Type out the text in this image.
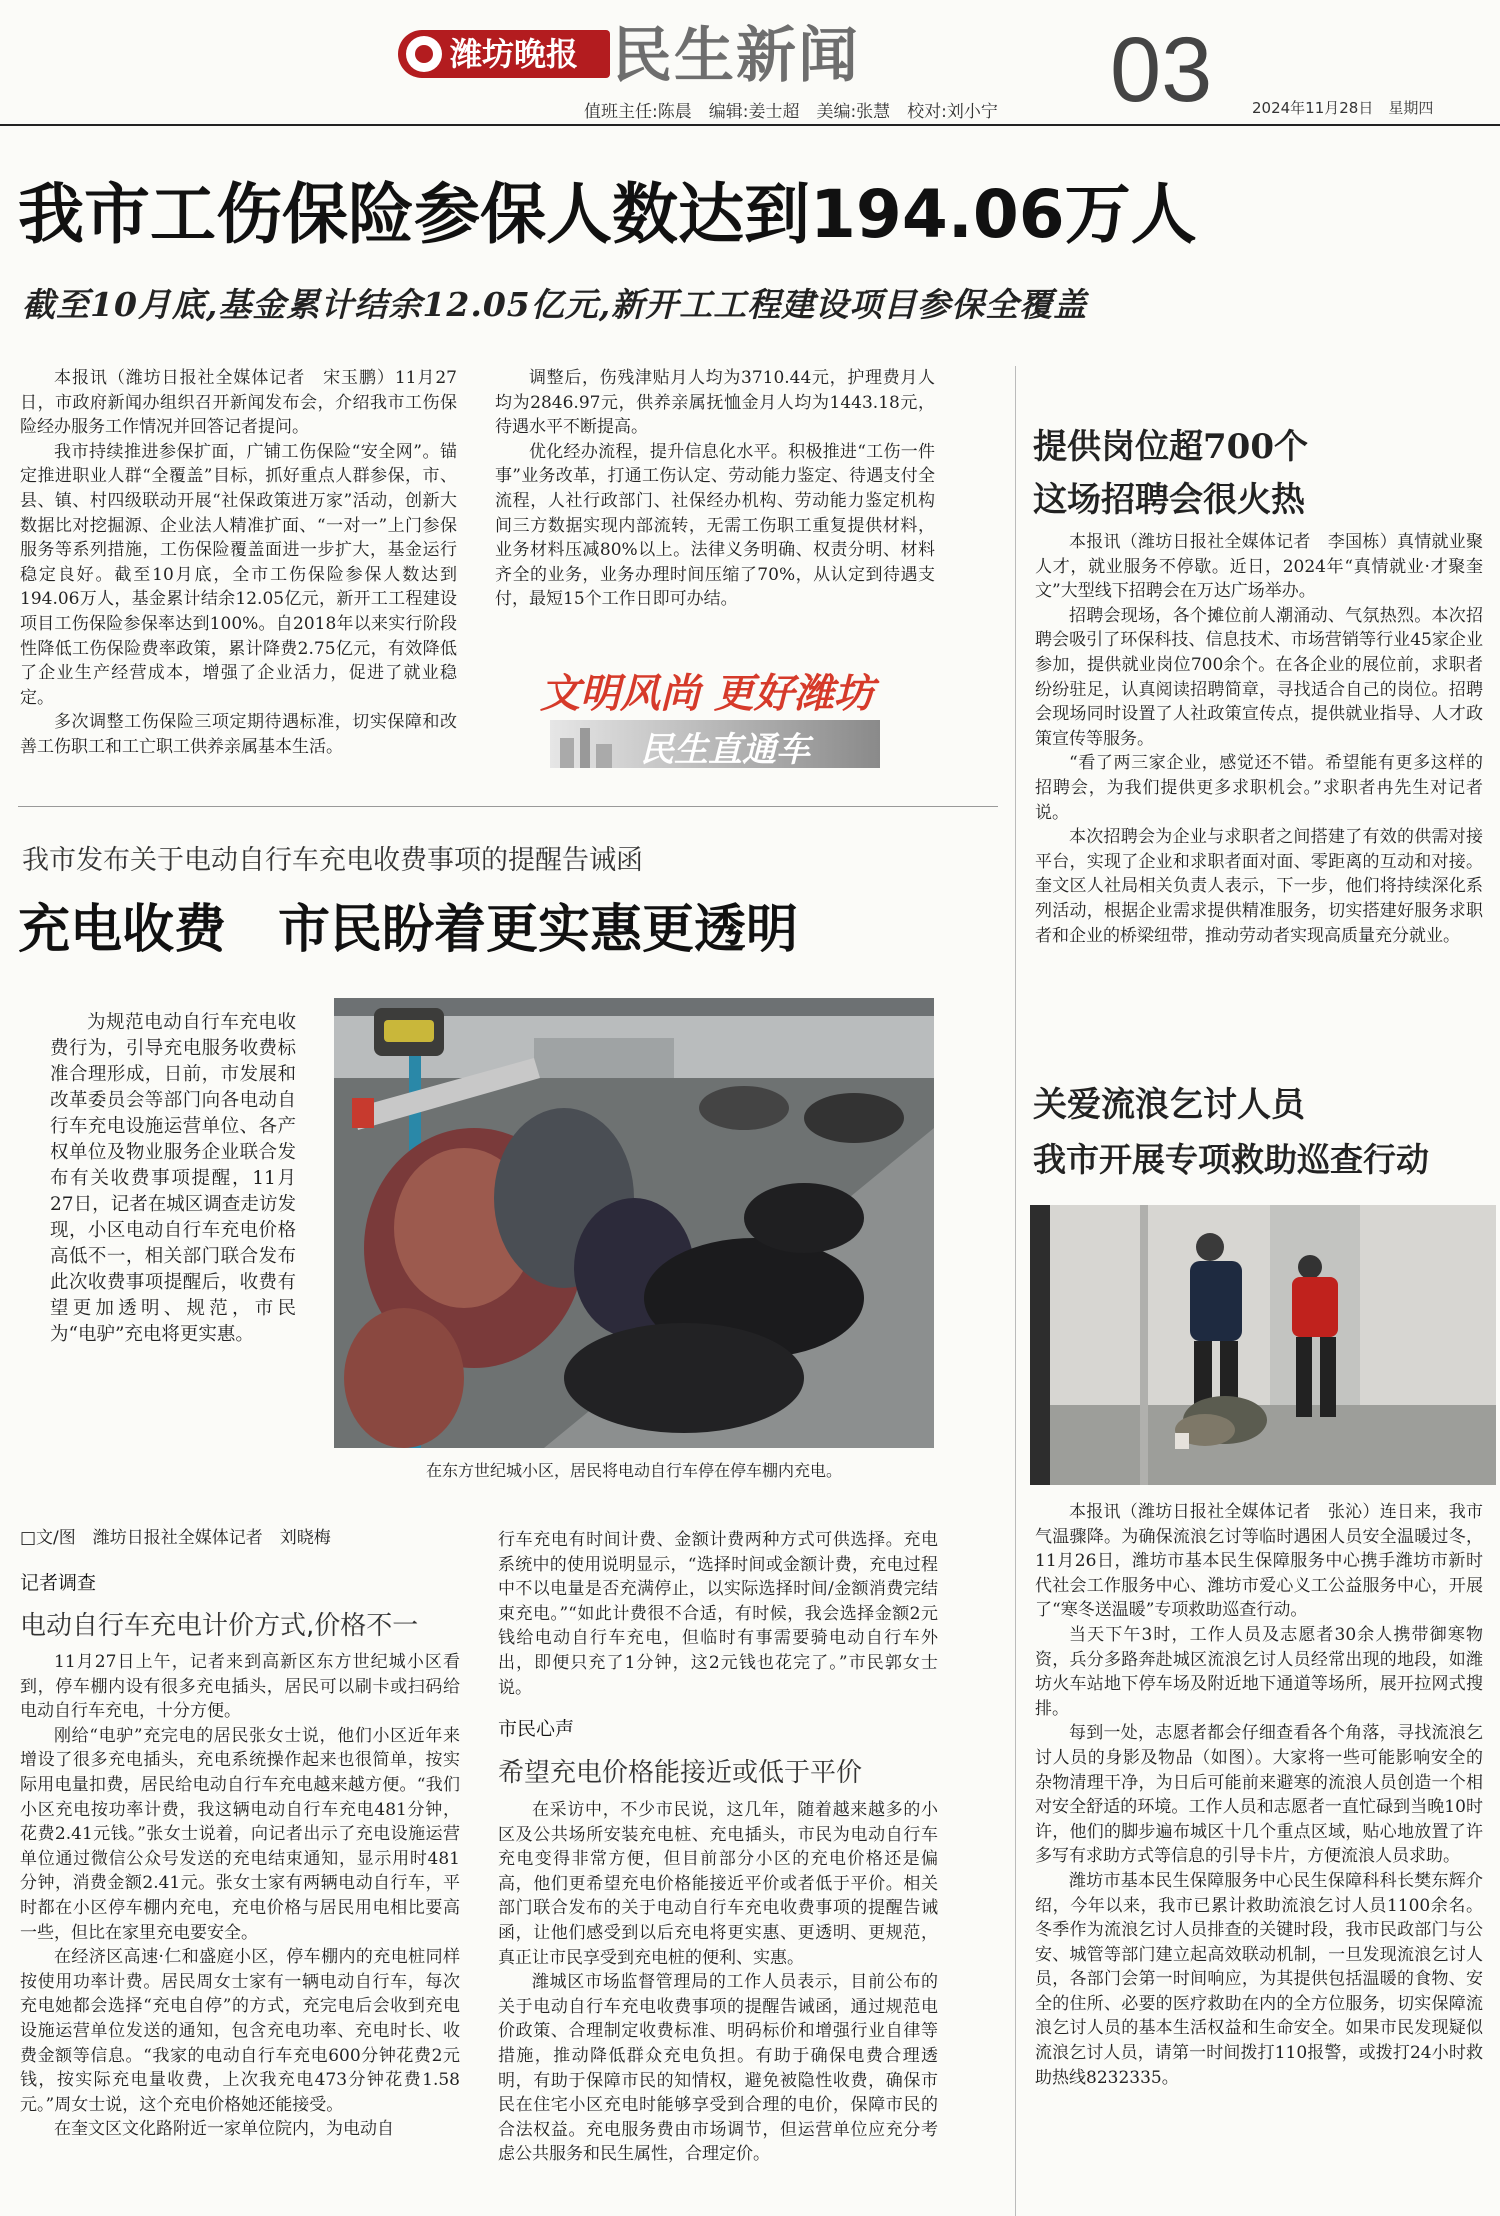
潍坊晚报 民生新闻	03
值班主任:陈晨　编辑:姜士超　美编:张慧　校对:刘小宁	2024年11月28日　星期四
我市工伤保险参保人数达到194.06万人
截至10月底,基金累计结余12.05亿元,新开工工程建设项目参保全覆盖

本报讯（潍坊日报社全媒体记者　宋玉鹏）11月27日，市政府新闻办组织召开新闻发布会，介绍我市工伤保险经办服务工作情况并回答记者提问。

我市持续推进参保扩面，广铺工伤保险“安全网”。锚定推进职业人群“全覆盖”目标，抓好重点人群参保，市、县、镇、村四级联动开展“社保政策进万家”活动，创新大数据比对挖掘源、企业法人精准扩面、“一对一”上门参保服务等系列措施，工伤保险覆盖面进一步扩大，基金运行稳定良好。截至10月底，全市工伤保险参保人数达到194.06万人，基金累计结余12.05亿元，新开工工程建设项目工伤保险参保率达到100%。自2018年以来实行阶段性降低工伤保险费率政策，累计降费2.75亿元，有效降低了企业生产经营成本，增强了企业活力，促进了就业稳定。

多次调整工伤保险三项定期待遇标准，切实保障和改善工伤职工和工亡职工供养亲属基本生活。

调整后，伤残津贴月人均为3710.44元，护理费月人均为2846.97元，供养亲属抚恤金月人均为1443.18元，待遇水平不断提高。

优化经办流程，提升信息化水平。积极推进“工伤一件事”业务改革，打通工伤认定、劳动能力鉴定、待遇支付全流程，人社行政部门、社保经办机构、劳动能力鉴定机构间三方数据实现内部流转，无需工伤职工重复提供材料，业务材料压减80%以上。法律义务明确、权责分明、材料齐全的业务，业务办理时间压缩了70%，从认定到待遇支付，最短15个工作日即可办结。

文明风尚 更好潍坊
民生直通车
提供岗位超700个
这场招聘会很火热

本报讯（潍坊日报社全媒体记者　李国栋）真情就业聚人才，就业服务不停歇。近日，2024年“真情就业·才聚奎文”大型线下招聘会在万达广场举办。

招聘会现场，各个摊位前人潮涌动、气氛热烈。本次招聘会吸引了环保科技、信息技术、市场营销等行业45家企业参加，提供就业岗位700余个。在各企业的展位前，求职者纷纷驻足，认真阅读招聘简章，寻找适合自己的岗位。招聘会现场同时设置了人社政策宣传点，提供就业指导、人才政策宣传等服务。

“看了两三家企业，感觉还不错。希望能有更多这样的招聘会，为我们提供更多求职机会。”求职者冉先生对记者说。

本次招聘会为企业与求职者之间搭建了有效的供需对接平台，实现了企业和求职者面对面、零距离的互动和对接。奎文区人社局相关负责人表示，下一步，他们将持续深化系列活动，根据企业需求提供精准服务，切实搭建好服务求职者和企业的桥梁纽带，推动劳动者实现高质量充分就业。

我市发布关于电动自行车充电收费事项的提醒告诫函
充电收费　市民盼着更实惠更透明

为规范电动自行车充电收费行为，引导充电服务收费标准合理形成，日前，市发展和改革委员会等部门向各电动自行车充电设施运营单位、各产权单位及物业服务企业联合发布有关收费事项提醒，11月27日，记者在城区调查走访发现，小区电动自行车充电价格高低不一，相关部门联合发布此次收费事项提醒后，收费有望更加透明、规范，市民为“电驴”充电将更实惠。

在东方世纪城小区，居民将电动自行车停在停车棚内充电。
□文/图　潍坊日报社全媒体记者　刘晓梅
记者调查
电动自行车充电计价方式,价格不一

11月27日上午，记者来到高新区东方世纪城小区看到，停车棚内设有很多充电插头，居民可以刷卡或扫码给电动自行车充电，十分方便。

刚给“电驴”充完电的居民张女士说，他们小区近年来增设了很多充电插头，充电系统操作起来也很简单，按实际用电量扣费，居民给电动自行车充电越来越方便。“我们小区充电按功率计费，我这辆电动自行车充电481分钟，花费2.41元钱。”张女士说着，向记者出示了充电设施运营单位通过微信公众号发送的充电结束通知，显示用时481分钟，消费金额2.41元。张女士家有两辆电动自行车，平时都在小区停车棚内充电，充电价格与居民用电相比要高一些，但比在家里充电要安全。

在经济区高速·仁和盛庭小区，停车棚内的充电桩同样按使用功率计费。居民周女士家有一辆电动自行车，每次充电她都会选择“充电自停”的方式，充完电后会收到充电设施运营单位发送的通知，包含充电功率、充电时长、收费金额等信息。“我家的电动自行车充电600分钟花费2元钱，按实际充电量收费，上次我充电473分钟花费1.58元。”周女士说，这个充电价格她还能接受。

在奎文区文化路附近一家单位院内，为电动自

行车充电有时间计费、金额计费两种方式可供选择。充电系统中的使用说明显示，“选择时间或金额计费，充电过程中不以电量是否充满停止，以实际选择时间/金额消费完结束充电。”“如此计费很不合适，有时候，我会选择金额2元钱给电动自行车充电，但临时有事需要骑电动自行车外出，即便只充了1分钟，这2元钱也花完了。”市民郭女士说。

市民心声
希望充电价格能接近或低于平价

在采访中，不少市民说，这几年，随着越来越多的小区及公共场所安装充电桩、充电插头，市民为电动自行车充电变得非常方便，但目前部分小区的充电价格还是偏高，他们更希望充电价格能接近平价或者低于平价。相关部门联合发布的关于电动自行车充电收费事项的提醒告诫函，让他们感受到以后充电将更实惠、更透明、更规范，真正让市民享受到充电桩的便利、实惠。

潍城区市场监督管理局的工作人员表示，目前公布的关于电动自行车充电收费事项的提醒告诫函，通过规范电价政策、合理制定收费标准、明码标价和增强行业自律等措施，推动降低群众充电负担。有助于确保电费合理透明，有助于保障市民的知情权，避免被隐性收费，确保市民在住宅小区充电时能够享受到合理的电价，保障市民的合法权益。充电服务费由市场调节，但运营单位应充分考虑公共服务和民生属性，合理定价。

关爱流浪乞讨人员
我市开展专项救助巡查行动

本报讯（潍坊日报社全媒体记者　张沁）连日来，我市气温骤降。为确保流浪乞讨等临时遇困人员安全温暖过冬，11月26日，潍坊市基本民生保障服务中心携手潍坊市新时代社会工作服务中心、潍坊市爱心义工公益服务中心，开展了“寒冬送温暖”专项救助巡查行动。

当天下午3时，工作人员及志愿者30余人携带御寒物资，兵分多路奔赴城区流浪乞讨人员经常出现的地段，如潍坊火车站地下停车场及附近地下通道等场所，展开拉网式搜排。

每到一处，志愿者都会仔细查看各个角落，寻找流浪乞讨人员的身影及物品（如图）。大家将一些可能影响安全的杂物清理干净，为日后可能前来避寒的流浪人员创造一个相对安全舒适的环境。工作人员和志愿者一直忙碌到当晚10时许，他们的脚步遍布城区十几个重点区域，贴心地放置了许多写有求助方式等信息的引导卡片，方便流浪人员求助。

潍坊市基本民生保障服务中心民生保障科科长樊东辉介绍，今年以来，我市已累计救助流浪乞讨人员1100余名。冬季作为流浪乞讨人员排查的关键时段，我市民政部门与公安、城管等部门建立起高效联动机制，一旦发现流浪乞讨人员，各部门会第一时间响应，为其提供包括温暖的食物、安全的住所、必要的医疗救助在内的全方位服务，切实保障流浪乞讨人员的基本生活权益和生命安全。如果市民发现疑似流浪乞讨人员，请第一时间拨打110报警，或拨打24小时救助热线8232335。
